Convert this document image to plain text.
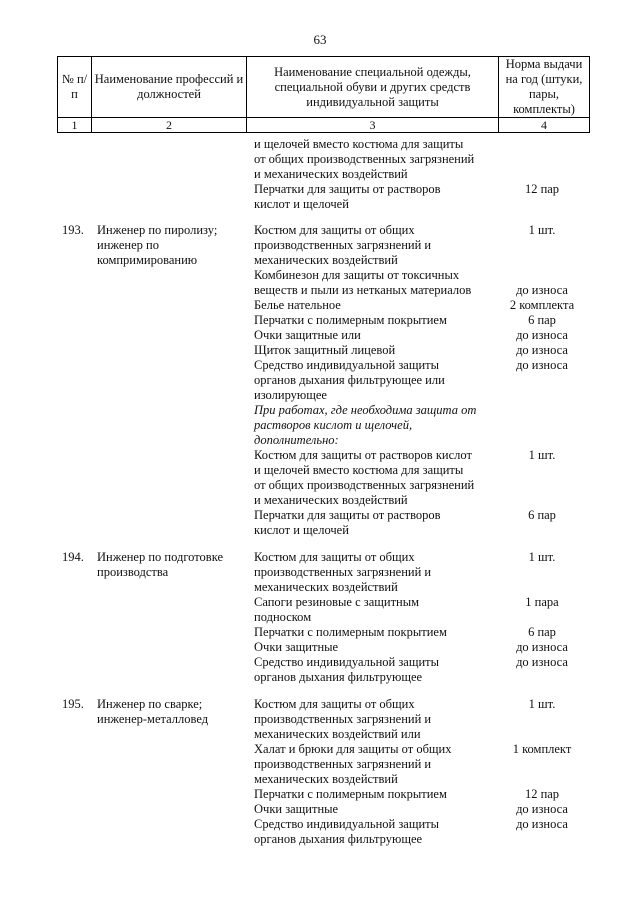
63
№ п/п	Наименование профессий и должностей	Наименование специальной одежды, специальной обуви и других средств индивидуальной защиты	Норма выдачи на год (штуки, пары, комплекты)
1	2	3	4
и щелочей вместо костюма для защиты
от общих производственных загрязнений
и механических воздействий
Перчатки для защиты от растворов	12 пар
кислот и щелочей
193.	Инженер по пиролизу; инженер по компримированию
Костюм для защиты от общих	1 шт.
производственных загрязнений и
механических воздействий
Комбинезон для защиты от токсичных
веществ и пыли из нетканых материалов	до износа
Белье нательное	2 комплекта
Перчатки с полимерным покрытием	6 пар
Очки защитные или	до износа
Щиток защитный лицевой	до износа
Средство индивидуальной защиты	до износа
органов дыхания фильтрующее или
изолирующее
При работах, где необходима защита от
растворов кислот и щелочей,
дополнительно:
Костюм для защиты от растворов кислот	1 шт.
и щелочей вместо костюма для защиты
от общих производственных загрязнений
и механических воздействий
Перчатки для защиты от растворов	6 пар
кислот и щелочей
194.	Инженер по подготовке производства
Костюм для защиты от общих	1 шт.
производственных загрязнений и
механических воздействий
Сапоги резиновые с защитным	1 пара
подноском
Перчатки с полимерным покрытием	6 пар
Очки защитные	до износа
Средство индивидуальной защиты	до износа
органов дыхания фильтрующее
195.	Инженер по сварке; инженер-металловед
Костюм для защиты от общих	1 шт.
производственных загрязнений и
механических воздействий или
Халат и брюки для защиты от общих	1 комплект
производственных загрязнений и
механических воздействий
Перчатки с полимерным покрытием	12 пар
Очки защитные	до износа
Средство индивидуальной защиты	до износа
органов дыхания фильтрующее
